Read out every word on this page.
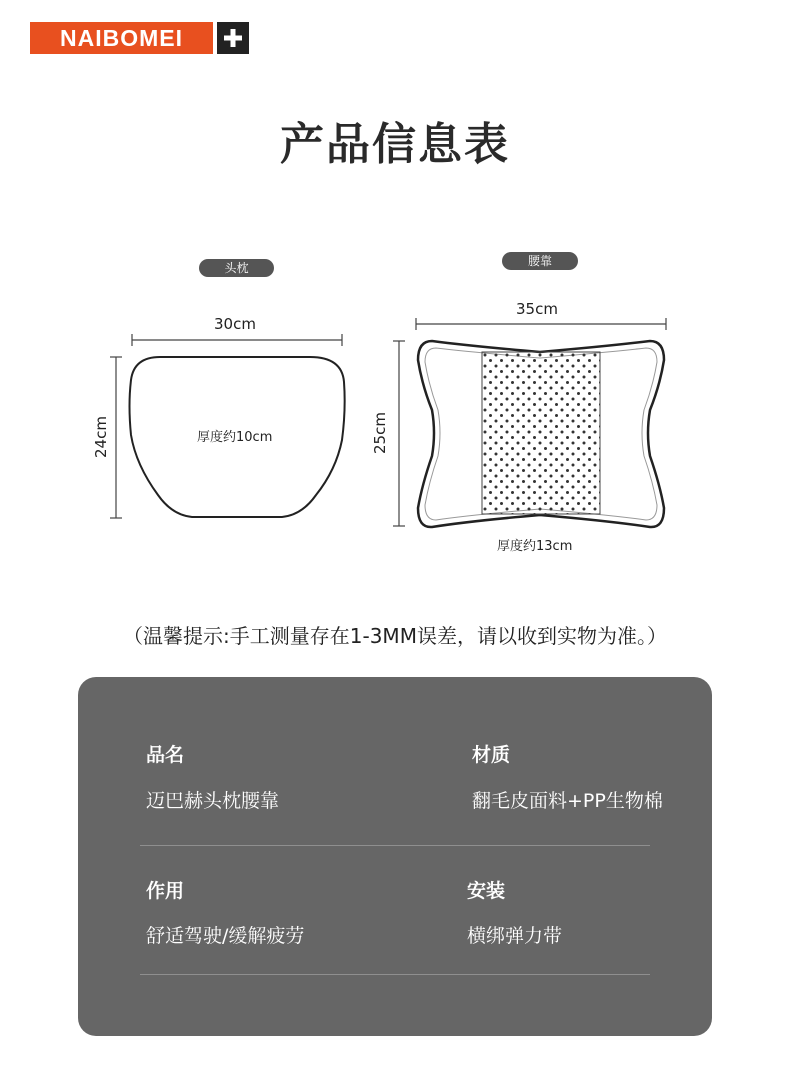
NAIBOMEI
产品信息表
头枕	腰靠
30cm
24cm	厚度约10cm
35cm
25cm
厚度约13cm
（温馨提示:手工测量存在1-3MM误差，请以收到实物为准。）
品名
迈巴赫头枕腰靠
材质
翻毛皮面料+PP生物棉
作用
舒适驾驶/缓解疲劳
安装
横绑弹力带
